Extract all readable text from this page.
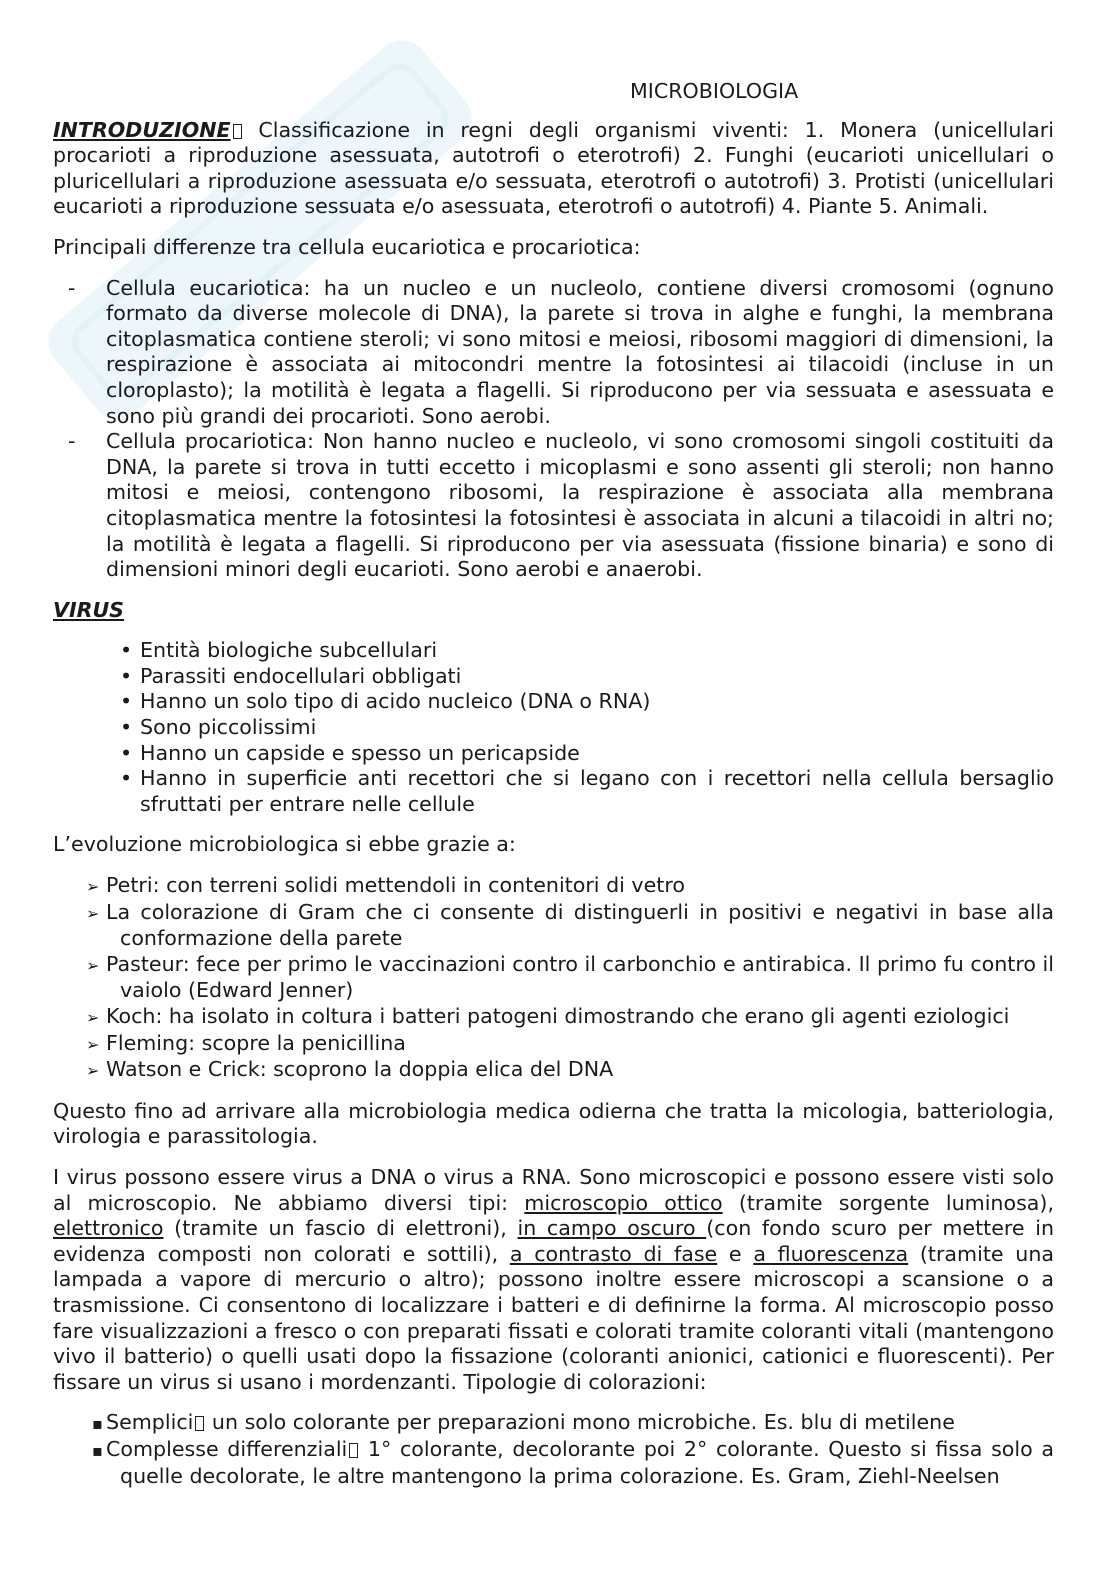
MICROBIOLOGIA

INTRODUZIONE Classificazione in regni degli organismi viventi: 1. Monera (unicellulari procarioti a riproduzione asessuata, autotrofi o eterotrofi) 2. Funghi (eucarioti unicellulari o pluricellulari a riproduzione asessuata e/o sessuata, eterotrofi o autotrofi) 3. Protisti (unicellulari eucarioti a riproduzione sessuata e/o asessuata, eterotrofi o autotrofi) 4. Piante 5. Animali.

Principali differenze tra cellula eucariotica e procariotica:

- Cellula eucariotica: ha un nucleo e un nucleolo, contiene diversi cromosomi (ognuno formato da diverse molecole di DNA), la parete si trova in alghe e funghi, la membrana citoplasmatica contiene steroli; vi sono mitosi e meiosi, ribosomi maggiori di dimensioni, la respirazione è associata ai mitocondri mentre la fotosintesi ai tilacoidi (incluse in un cloroplasto); la motilità è legata a flagelli. Si riproducono per via sessuata e asessuata e sono più grandi dei procarioti. Sono aerobi.
- Cellula procariotica: Non hanno nucleo e nucleolo, vi sono cromosomi singoli costituiti da DNA, la parete si trova in tutti eccetto i micoplasmi e sono assenti gli steroli; non hanno mitosi e meiosi, contengono ribosomi, la respirazione è associata alla membrana citoplasmatica mentre la fotosintesi la fotosintesi è associata in alcuni a tilacoidi in altri no; la motilità è legata a flagelli. Si riproducono per via asessuata (fissione binaria) e sono di dimensioni minori degli eucarioti. Sono aerobi e anaerobi.

VIRUS

• Entità biologiche subcellulari
• Parassiti endocellulari obbligati
• Hanno un solo tipo di acido nucleico (DNA o RNA)
• Sono piccolissimi
• Hanno un capside e spesso un pericapside
• Hanno in superficie anti recettori che si legano con i recettori nella cellula bersaglio sfruttati per entrare nelle cellule

L’evoluzione microbiologica si ebbe grazie a:

➢ Petri: con terreni solidi mettendoli in contenitori di vetro
➢ La colorazione di Gram che ci consente di distinguerli in positivi e negativi in base alla conformazione della parete
➢ Pasteur: fece per primo le vaccinazioni contro il carbonchio e antirabica. Il primo fu contro il vaiolo (Edward Jenner)
➢ Koch: ha isolato in coltura i batteri patogeni dimostrando che erano gli agenti eziologici
➢ Fleming: scopre la penicillina
➢ Watson e Crick: scoprono la doppia elica del DNA

Questo fino ad arrivare alla microbiologia medica odierna che tratta la micologia, batteriologia, virologia e parassitologia.

I virus possono essere virus a DNA o virus a RNA. Sono microscopici e possono essere visti solo al microscopio. Ne abbiamo diversi tipi: microscopio ottico (tramite sorgente luminosa), elettronico (tramite un fascio di elettroni), in campo oscuro (con fondo scuro per mettere in evidenza composti non colorati e sottili), a contrasto di fase e a fluorescenza (tramite una lampada a vapore di mercurio o altro); possono inoltre essere microscopi a scansione o a trasmissione. Ci consentono di localizzare i batteri e di definirne la forma. Al microscopio posso fare visualizzazioni a fresco o con preparati fissati e colorati tramite coloranti vitali (mantengono vivo il batterio) o quelli usati dopo la fissazione (coloranti anionici, cationici e fluorescenti). Per fissare un virus si usano i mordenzanti. Tipologie di colorazioni:

▪ Semplici un solo colorante per preparazioni mono microbiche. Es. blu di metilene
▪ Complesse differenziali 1° colorante, decolorante poi 2° colorante. Questo si fissa solo a quelle decolorate, le altre mantengono la prima colorazione. Es. Gram, Ziehl-Neelsen
